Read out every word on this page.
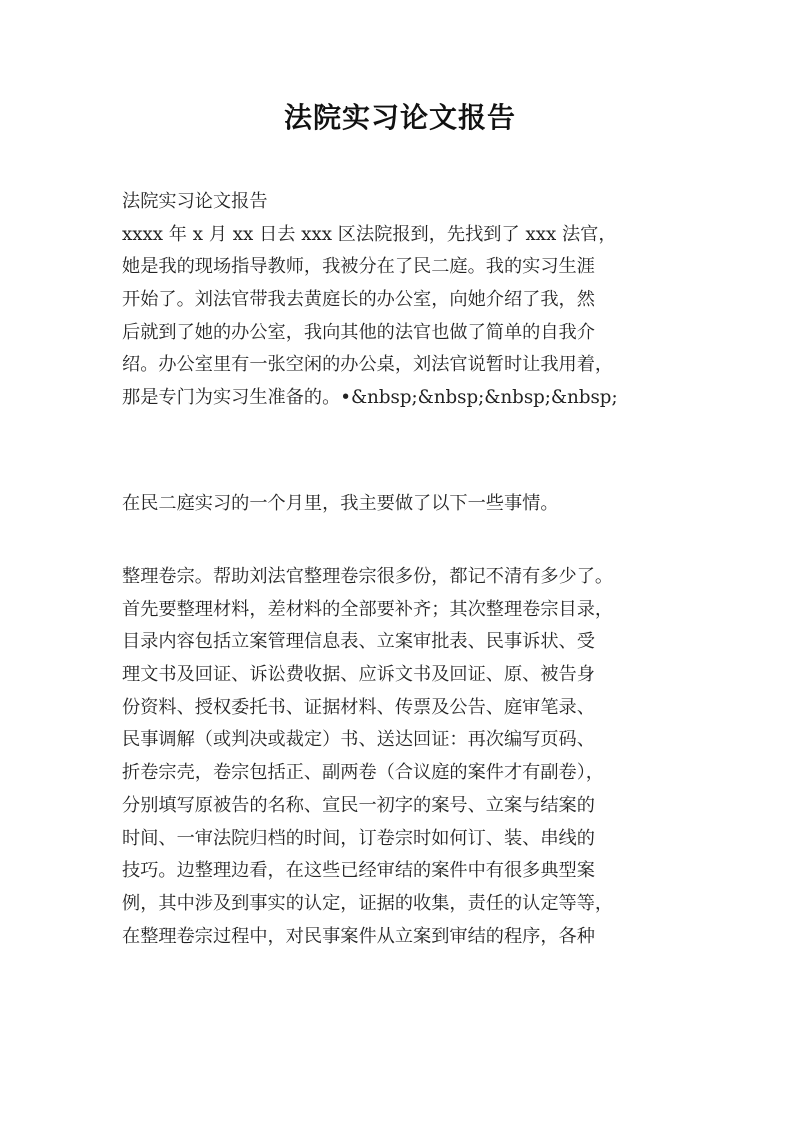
法院实习论文报告
法院实习论文报告
xxxx 年 x 月 xx 日去 xxx 区法院报到，先找到了 xxx 法官，
她是我的现场指导教师，我被分在了民二庭。我的实习生涯
开始了。刘法官带我去黄庭长的办公室，向她介绍了我，然
后就到了她的办公室，我向其他的法官也做了简单的自我介
绍。办公室里有一张空闲的办公桌，刘法官说暂时让我用着，
那是专门为实习生准备的。•&nbsp;&nbsp;&nbsp;&nbsp;
在民二庭实习的一个月里，我主要做了以下一些事情。
整理卷宗。帮助刘法官整理卷宗很多份，都记不清有多少了。
首先要整理材料，差材料的全部要补齐；其次整理卷宗目录，
目录内容包括立案管理信息表、立案审批表、民事诉状、受
理文书及回证、诉讼费收据、应诉文书及回证、原、被告身
份资料、授权委托书、证据材料、传票及公告、庭审笔录、
民事调解（或判决或裁定）书、送达回证：再次编写页码、
折卷宗壳，卷宗包括正、副两卷（合议庭的案件才有副卷），
分别填写原被告的名称、宣民一初字的案号、立案与结案的
时间、一审法院归档的时间，订卷宗时如何订、装、串线的
技巧。边整理边看，在这些已经审结的案件中有很多典型案
例，其中涉及到事实的认定，证据的收集，责任的认定等等，
在整理卷宗过程中，对民事案件从立案到审结的程序，各种
